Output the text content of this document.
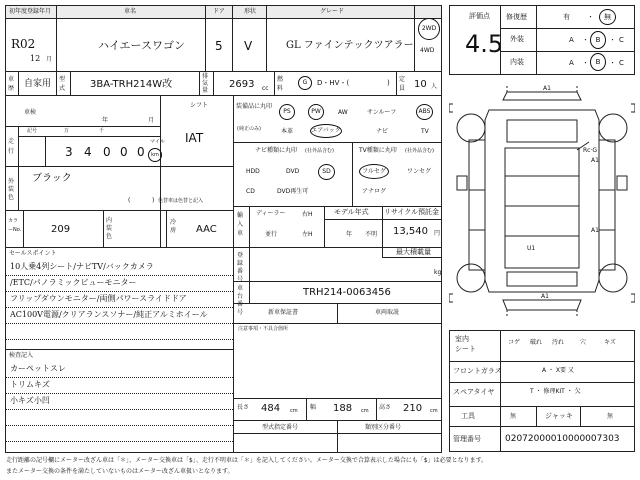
初年度登録年月	車名	ドア	形状	グレード
R02
12 月
ハイエースワゴン 5 V	GL ファインテックツアラー
2WD
4WD
車歴 自家用 型式 3BA-TRH214W改
排気量
2693 cc
燃料
G	D・HV・(	) 定員 10 人
車検
年	月
シフト
IAT
走行
記号	万	千
3 4 0 0 0
マイル
km
外装色
ブラック
(	) 色替車は色替と記入
カラーNo.	209
内装色
冷房 AAC
セールスポイント
10人乗4列シート/ナビTV/バックカメラ
/ETC/パノラミックビューモニター
フリップダウンモニター/両側パワースライドドア
AC100V電源/クリアランスソナー/純正アルミホイール
検査記入
カーペットスレ
トリムキズ
小キズ小凹
装備品に丸印
(純正のみ)
PS	PW	AW	サンルーフ	ABS
本革	エアバック	ナビ	TV
ナビ種類に丸印 (社外品含む)	TV種類に丸印 (社外品含む)
HDD	DVD	SD
CD	DVD再生可
フルセグ	ワンセグ
アナログ
輸入車
ディーラー
並行
右H
左H
モデル年式
年 不明
リサイクル預託金
13,540 円
登録番号
最大積載量
kg
車台番号
TRH214-0063456
新車保証書	車両取説
注意事項・不具合箇所
長さ 484 cm 幅 188 cm 高さ 210 cm
型式指定番号	類別区分番号
評価点
4.5
修復歴	有 ・	無
外装	A ・ B	・ C
内装	A ・ B	・ C
A1
A1
A1
U1
A1
Rc·G
室内
シート
コゲ 破れ 汚れ	穴	キズ
フロントガラス	A ・ X要 又
スペアタイヤ	T ・ 修理KIT ・ 欠
工具	無	ジャッキ	無
管理番号	02072000010000007303
走行距離の記号欄にメーター改ざん車は「＊」、メーター交換車は「$」、走行不明車は「＊」を記入してください。メーター交換で合算表示した場合にも「$」は必要となります。
またメーター交換の条件を満たしていないものはメーター改ざん車扱いとなります。
